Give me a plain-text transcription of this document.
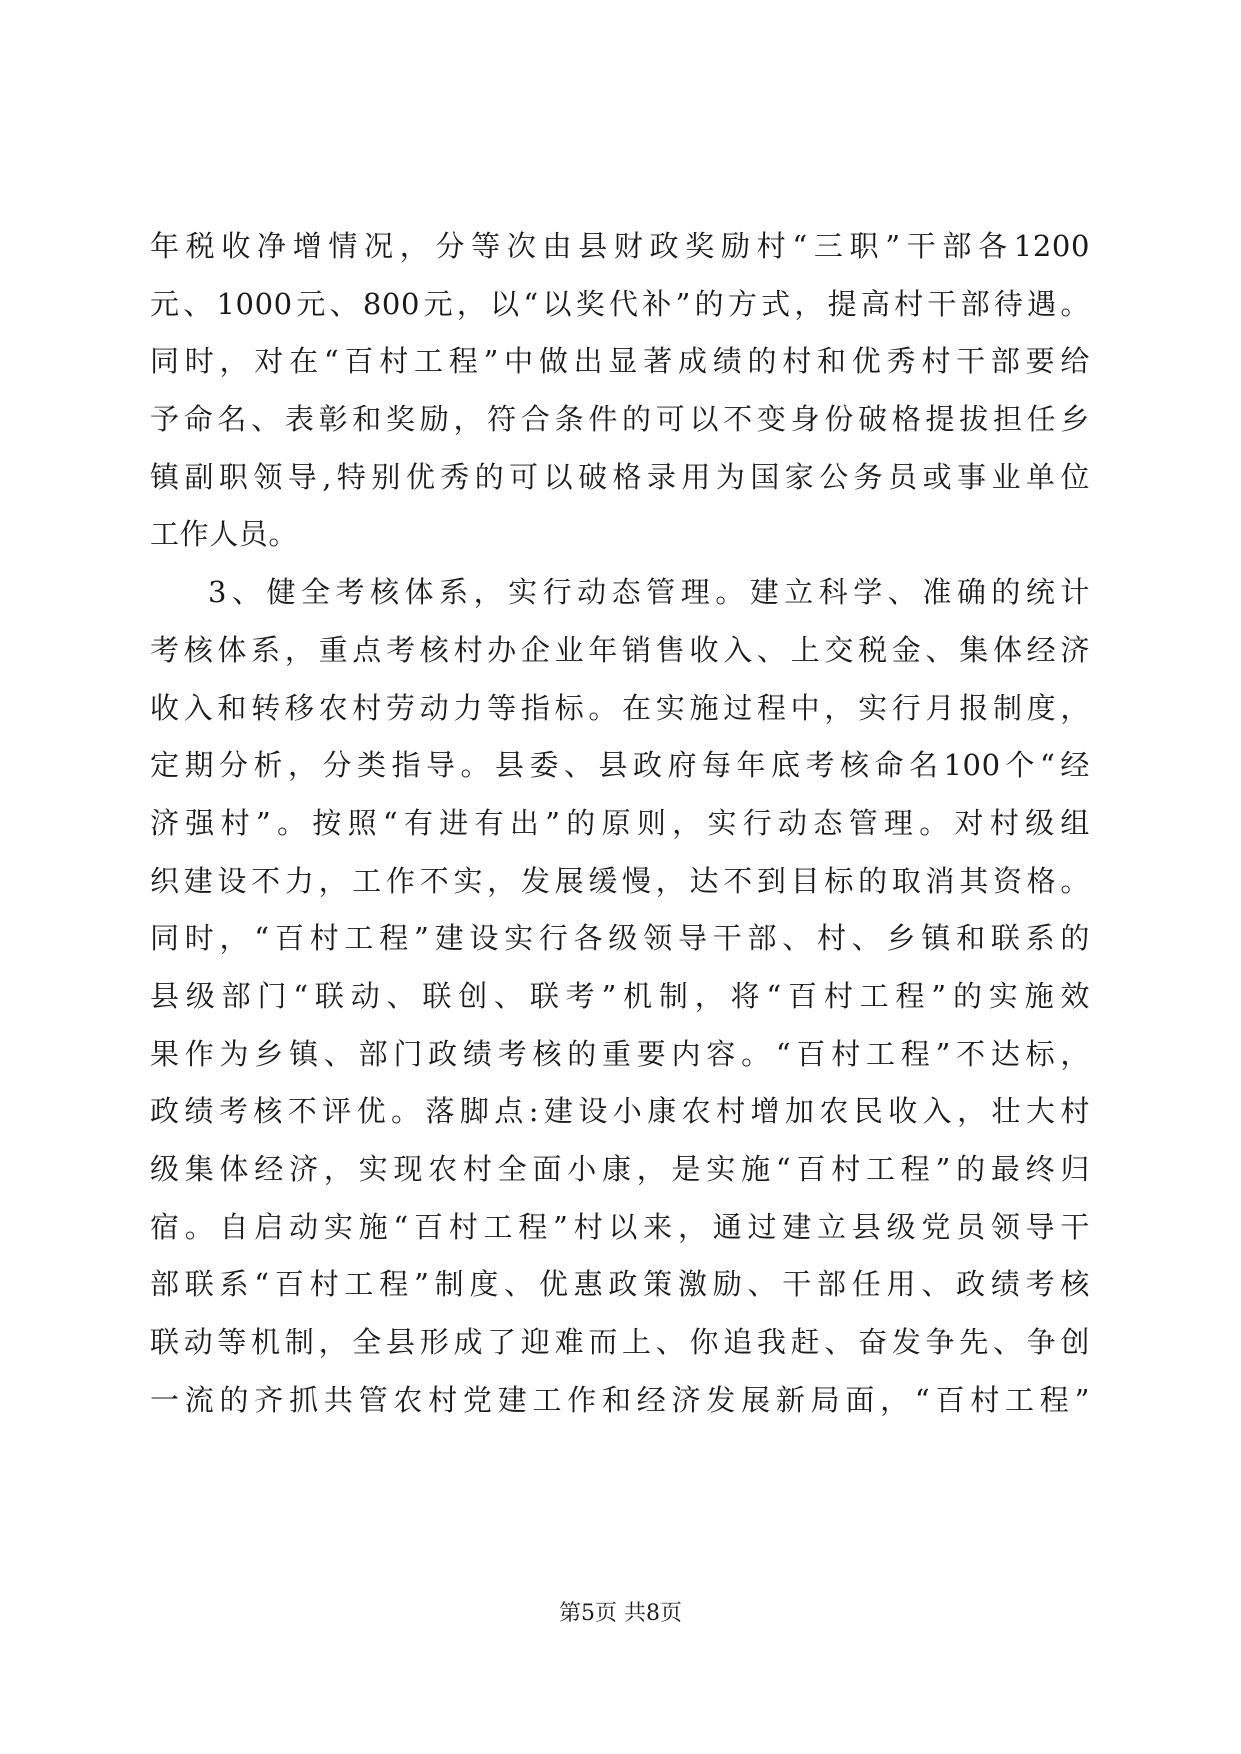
年税收净增情况，分等次由县财政奖励村“三职”干部各1200
元、1000元、800元，以“以奖代补”的方式，提高村干部待遇。
同时，对在“百村工程”中做出显著成绩的村和优秀村干部要给
予命名、表彰和奖励，符合条件的可以不变身份破格提拔担任乡
镇副职领导,特别优秀的可以破格录用为国家公务员或事业单位
工作人员。
3、健全考核体系，实行动态管理。建立科学、准确的统计
考核体系，重点考核村办企业年销售收入、上交税金、集体经济
收入和转移农村劳动力等指标。在实施过程中，实行月报制度，
定期分析，分类指导。县委、县政府每年底考核命名100个“经
济强村”。按照“有进有出”的原则，实行动态管理。对村级组
织建设不力，工作不实，发展缓慢，达不到目标的取消其资格。
同时，“百村工程”建设实行各级领导干部、村、乡镇和联系的
县级部门“联动、联创、联考”机制，将“百村工程”的实施效
果作为乡镇、部门政绩考核的重要内容。“百村工程”不达标，
政绩考核不评优。落脚点:建设小康农村增加农民收入，壮大村
级集体经济，实现农村全面小康，是实施“百村工程”的最终归
宿。自启动实施“百村工程”村以来，通过建立县级党员领导干
部联系“百村工程”制度、优惠政策激励、干部任用、政绩考核
联动等机制，全县形成了迎难而上、你追我赶、奋发争先、争创
一流的齐抓共管农村党建工作和经济发展新局面，“百村工程”
第5页 共8页
